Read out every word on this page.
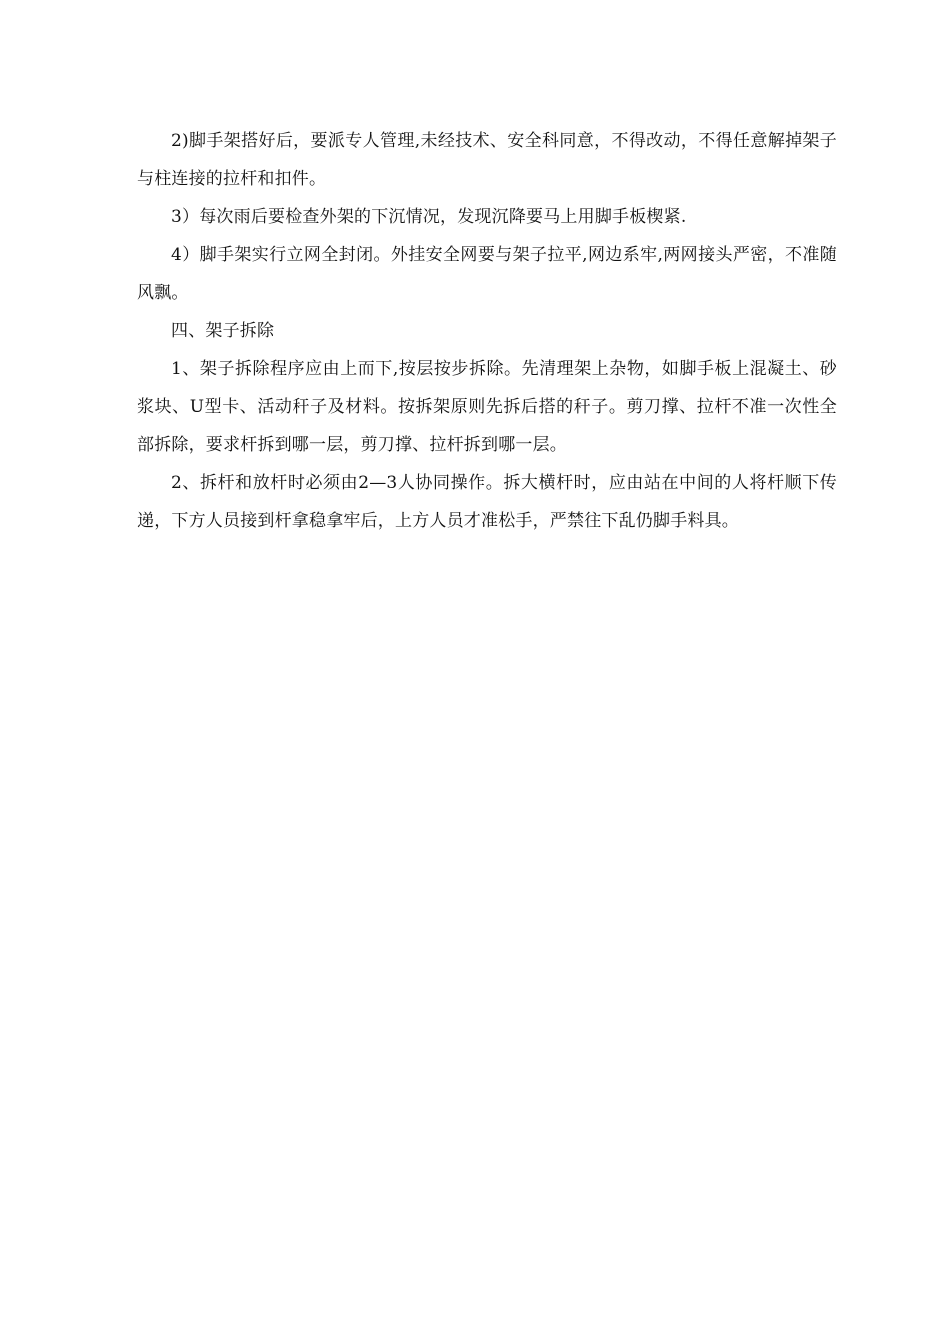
2)脚手架搭好后，要派专人管理,未经技术、安全科同意，不得改动，不得任意解掉架子与柱连接的拉杆和扣件。

3）每次雨后要检查外架的下沉情况，发现沉降要马上用脚手板楔紧.

4）脚手架实行立网全封闭。外挂安全网要与架子拉平,网边系牢,两网接头严密，不准随风飘。

四、架子拆除

1、架子拆除程序应由上而下,按层按步拆除。先清理架上杂物，如脚手板上混凝土、砂浆块、U型卡、活动秆子及材料。按拆架原则先拆后搭的秆子。剪刀撑、拉杆不准一次性全部拆除，要求杆拆到哪一层，剪刀撑、拉杆拆到哪一层。

2、拆杆和放杆时必须由2—3人协同操作。拆大横杆时，应由站在中间的人将杆顺下传递，下方人员接到杆拿稳拿牢后，上方人员才准松手，严禁往下乱仍脚手料具。
